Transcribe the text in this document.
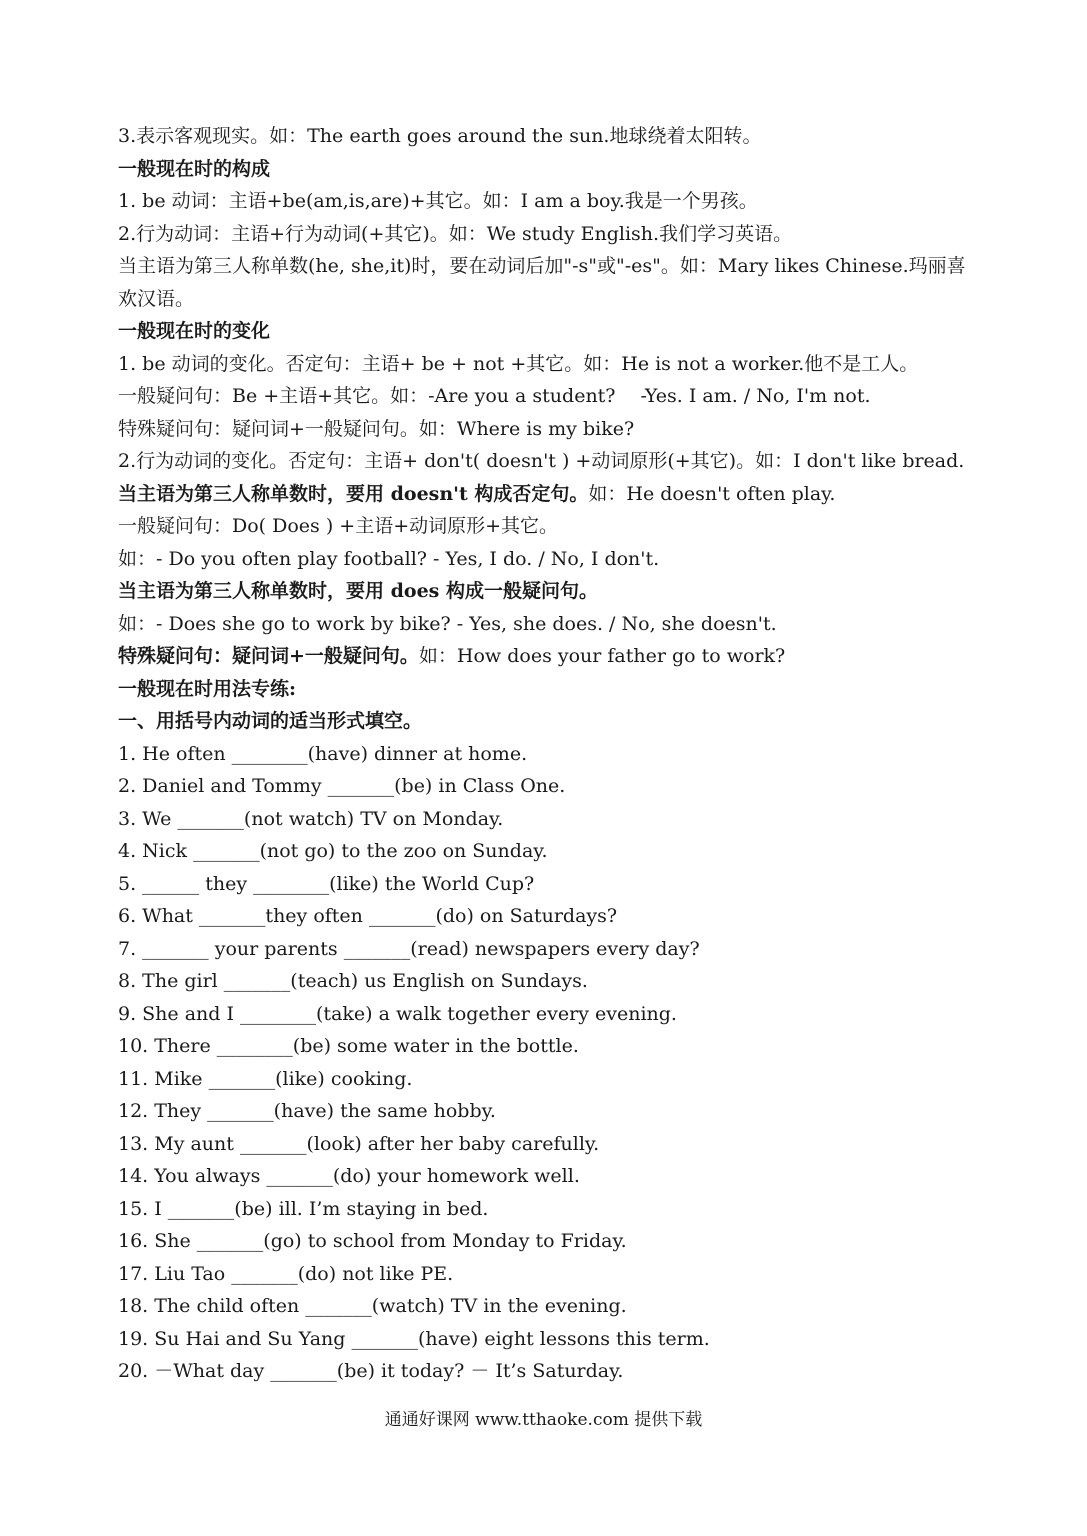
3.表示客观现实。如：The earth goes around the sun.地球绕着太阳转。
一般现在时的构成
1. be 动词：主语+be(am,is,are)+其它。如：I am a boy.我是一个男孩。
2.行为动词：主语+行为动词(+其它)。如：We study English.我们学习英语。
当主语为第三人称单数(he, she,it)时，要在动词后加"-s"或"-es"。如：Mary likes Chinese.玛丽喜欢汉语。
一般现在时的变化
1. be 动词的变化。否定句：主语+ be + not +其它。如：He is not a worker.他不是工人。
一般疑问句：Be +主语+其它。如：-Are you a student?　 -Yes. I am. / No, I'm not.
特殊疑问句：疑问词+一般疑问句。如：Where is my bike?
2.行为动词的变化。否定句：主语+ don't( doesn't ) +动词原形(+其它)。如：I don't like bread.
当主语为第三人称单数时，要用 doesn't 构成否定句。如：He doesn't often play.
一般疑问句：Do( Does ) +主语+动词原形+其它。
如：- Do you often play football? - Yes, I do. / No, I don't.
当主语为第三人称单数时，要用 does 构成一般疑问句。
如：- Does she go to work by bike? - Yes, she does. / No, she doesn't.
特殊疑问句：疑问词+一般疑问句。如：How does your father go to work?
一般现在时用法专练:
一、用括号内动词的适当形式填空。
1. He often ________(have) dinner at home.
2. Daniel and Tommy _______(be) in Class One.
3. We _______(not watch) TV on Monday.
4. Nick _______(not go) to the zoo on Sunday.
5. ______ they ________(like) the World Cup?
6. What _______they often _______(do) on Saturdays?
7. _______ your parents _______(read) newspapers every day?
8. The girl _______(teach) us English on Sundays.
9. She and I ________(take) a walk together every evening.
10. There ________(be) some water in the bottle.
11. Mike _______(like) cooking.
12. They _______(have) the same hobby.
13. My aunt _______(look) after her baby carefully.
14. You always _______(do) your homework well.
15. I _______(be) ill. I’m staying in bed.
16. She _______(go) to school from Monday to Friday.
17. Liu Tao _______(do) not like PE.
18. The child often _______(watch) TV in the evening.
19. Su Hai and Su Yang _______(have) eight lessons this term.
20. －What day _______(be) it today? － It’s Saturday.
通通好课网 www.tthaoke.com 提供下载
